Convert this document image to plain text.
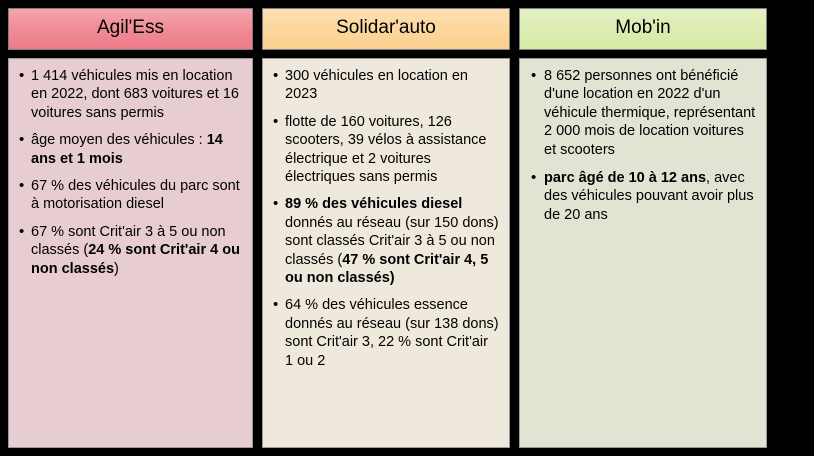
Agil'Ess
• 1 414 véhicules mis en location en 2022, dont 683 voitures et 16 voitures sans permis
• âge moyen des véhicules : 14 ans et 1 mois
• 67 % des véhicules du parc sont à motorisation diesel
• 67 % sont Crit'air 3 à 5 ou non classés (24 % sont Crit'air 4 ou non classés)
Solidar'auto
• 300 véhicules en location en 2023
• flotte de 160 voitures, 126 scooters, 39 vélos à assistance électrique et 2 voitures électriques sans permis
• 89 % des véhicules diesel donnés au réseau (sur 150 dons) sont classés Crit'air 3 à 5 ou non classés (47 % sont Crit'air 4, 5 ou non classés)
• 64 % des véhicules essence donnés au réseau (sur 138 dons) sont Crit'air 3, 22 % sont Crit'air 1 ou 2
Mob'in
• 8 652 personnes ont bénéficié d'une location en 2022 d'un véhicule thermique, représentant 2 000 mois de location voitures et scooters
• parc âgé de 10 à 12 ans, avec des véhicules pouvant avoir plus de 20 ans
